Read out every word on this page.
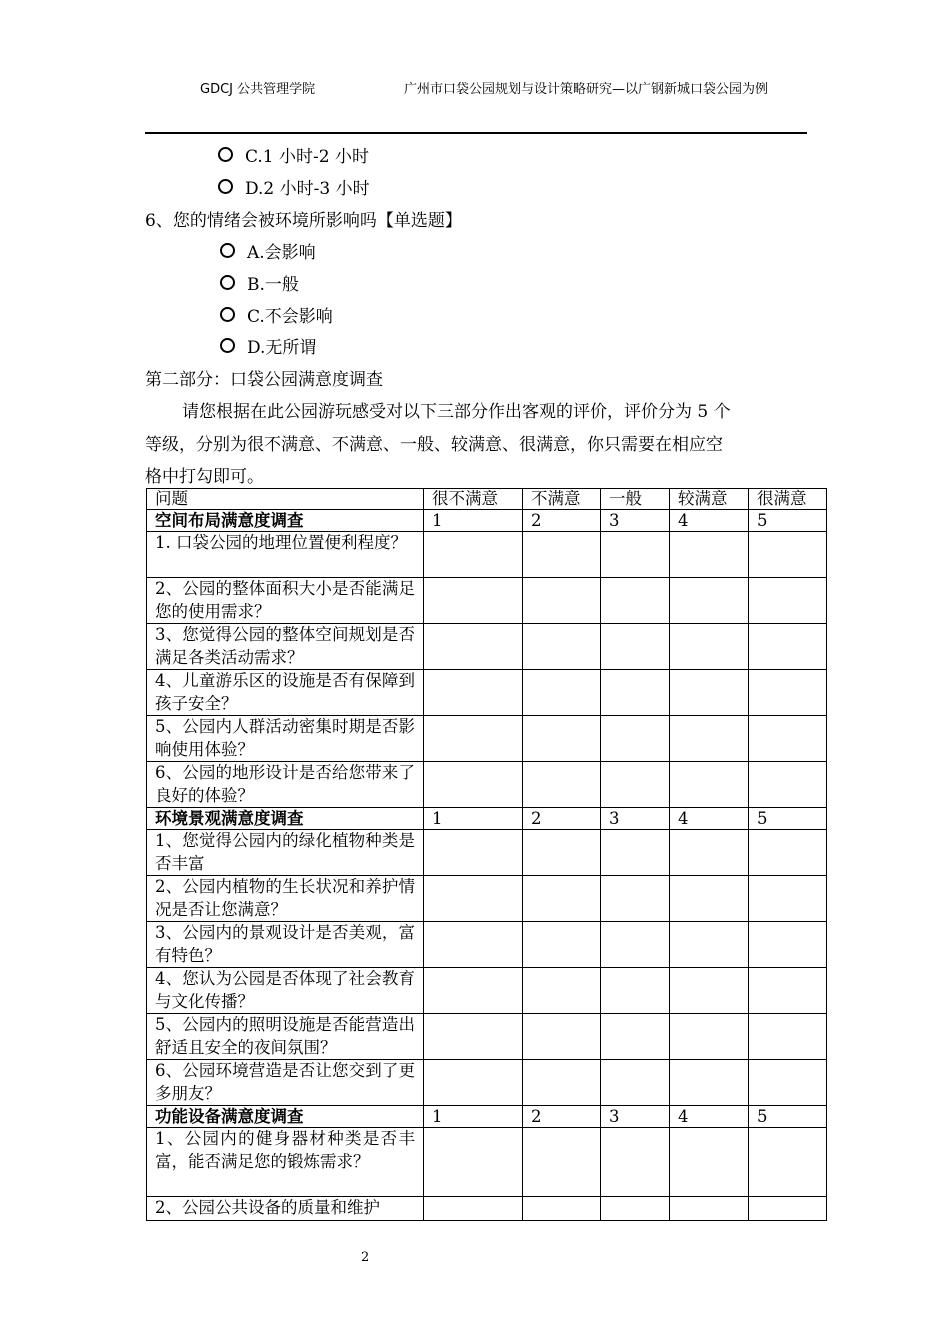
GDCJ 公共管理学院	广州市口袋公园规划与设计策略研究—以广钢新城口袋公园为例
C.1 小时-2 小时
D.2 小时-3 小时
6、您的情绪会被环境所影响吗【单选题】
A.会影响
B.一般
C.不会影响
D.无所谓
第二部分：口袋公园满意度调查
请您根据在此公园游玩感受对以下三部分作出客观的评价，评价分为 5 个
等级，分别为很不满意、不满意、一般、较满意、很满意，你只需要在相应空
格中打勾即可。
问题	很不满意	不满意	一般	较满意	很满意
空间布局满意度调查	1	2	3	4	5
1. 口袋公园的地理位置便利程度？					
2、公园的整体面积大小是否能满足您的使用需求？					
3、您觉得公园的整体空间规划是否满足各类活动需求？					
4、儿童游乐区的设施是否有保障到孩子安全？					
5、公园内人群活动密集时期是否影响使用体验？					
6、公园的地形设计是否给您带来了良好的体验？					
环境景观满意度调查	1	2	3	4	5
1、您觉得公园内的绿化植物种类是否丰富					
2、公园内植物的生长状况和养护情况是否让您满意？					
3、公园内的景观设计是否美观，富有特色？					
4、您认为公园是否体现了社会教育与文化传播？					
5、公园内的照明设施是否能营造出舒适且安全的夜间氛围？					
6、公园环境营造是否让您交到了更多朋友？					
功能设备满意度调查	1	2	3	4	5
1、公园内的健身器材种类是否丰富，能否满足您的锻炼需求？					
2、公园公共设备的质量和维护					
2
